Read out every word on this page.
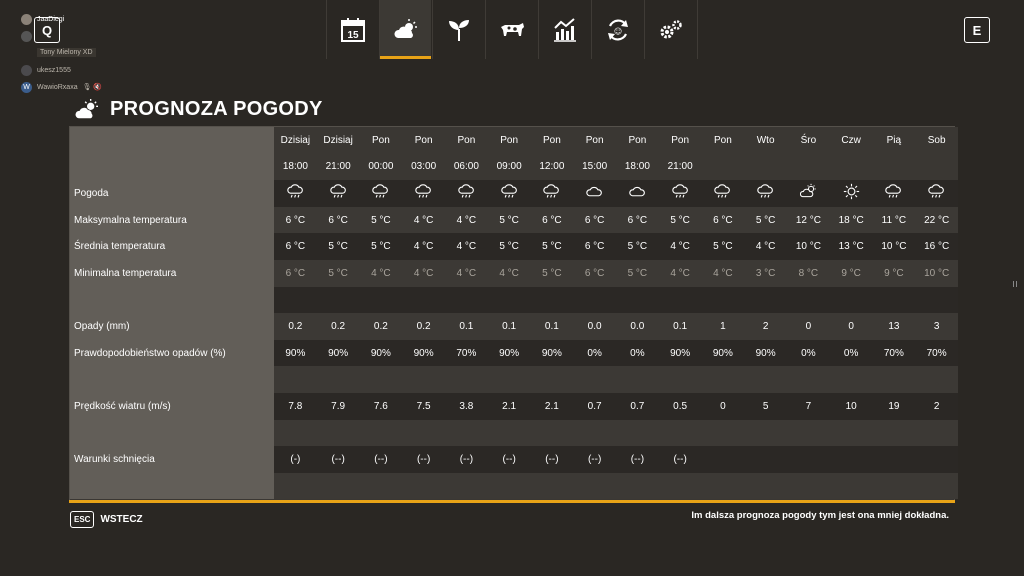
Q	E
15	☺
JaaDiegi
Tony Mielony XD
ukesz1555
W	WawioRxaxa 🎙 🔇
PROGNOZA POGODY
	Dzisiaj	Dzisiaj	Pon	Pon	Pon	Pon	Pon	Pon	Pon	Pon	Pon	Wto	Śro	Czw	Pią	Sob
	18:00	21:00	00:00	03:00	06:00	09:00	12:00	15:00	18:00	21:00						
Pogoda																
Maksymalna temperatura	6 °C	6 °C	5 °C	4 °C	4 °C	5 °C	6 °C	6 °C	6 °C	5 °C	6 °C	5 °C	12 °C	18 °C	11 °C	22 °C
Średnia temperatura	6 °C	5 °C	5 °C	4 °C	4 °C	5 °C	5 °C	6 °C	5 °C	4 °C	5 °C	4 °C	10 °C	13 °C	10 °C	16 °C
Minimalna temperatura	6 °C	5 °C	4 °C	4 °C	4 °C	4 °C	5 °C	6 °C	5 °C	4 °C	4 °C	3 °C	8 °C	9 °C	9 °C	10 °C

Opady (mm)	0.2	0.2	0.2	0.2	0.1	0.1	0.1	0.0	0.0	0.1	1	2	0	0	13	3
Prawdopodobieństwo opadów (%)	90%	90%	90%	90%	70%	90%	90%	0%	0%	90%	90%	90%	0%	0%	70%	70%

Prędkość wiatru (m/s)	7.8	7.9	7.6	7.5	3.8	2.1	2.1	0.7	0.7	0.5	0	5	7	10	19	2

Warunki schnięcia	(-)	(--)	(--)	(--)	(--)	(--)	(--)	(--)	(--)	(--)						

ESC	WSTECZ	Im dalsza prognoza pogody tym jest ona mniej dokładna.
